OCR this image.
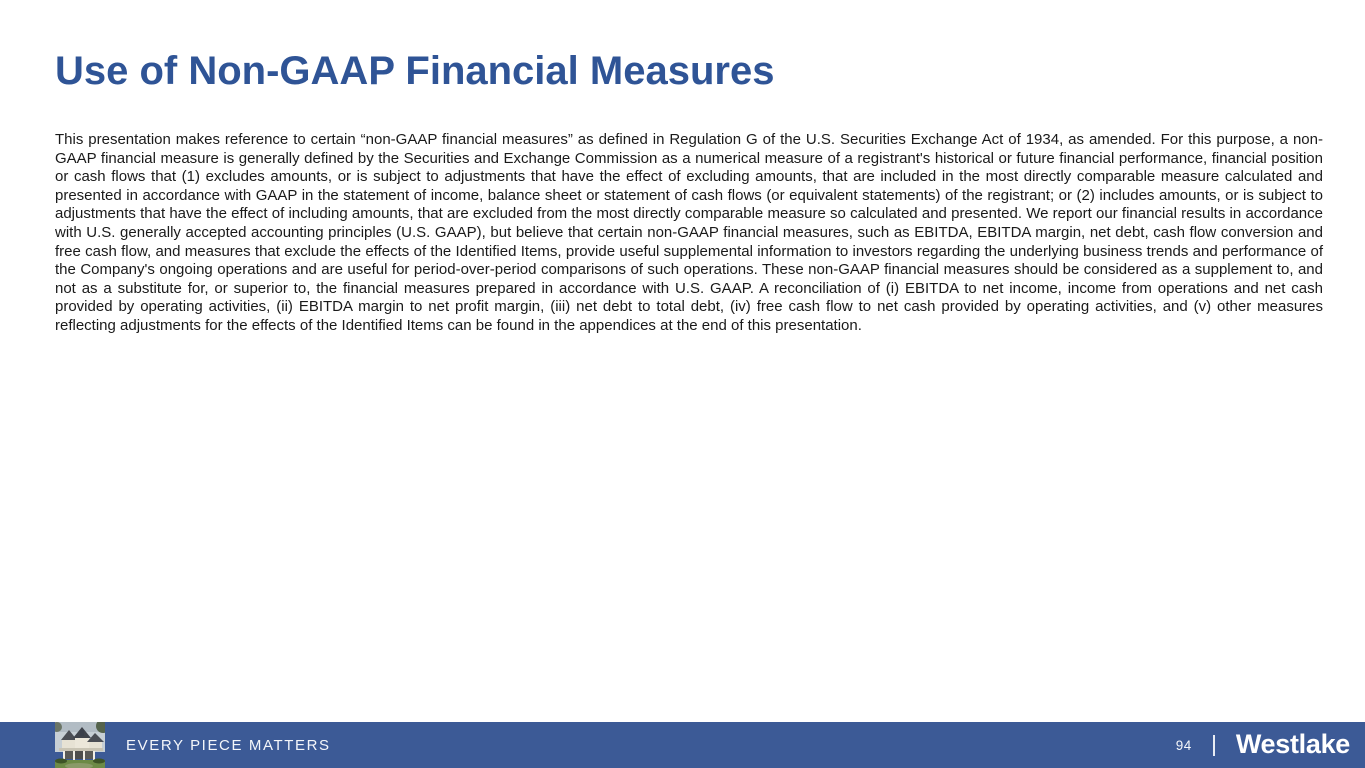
Use of Non-GAAP Financial Measures

This presentation makes reference to certain “non-GAAP financial measures” as defined in Regulation G of the U.S. Securities Exchange Act of 1934, as amended. For this purpose, a non-GAAP financial measure is generally defined by the Securities and Exchange Commission as a numerical measure of a registrant's historical or future financial performance, financial position or cash flows that (1) excludes amounts, or is subject to adjustments that have the effect of excluding amounts, that are included in the most directly comparable measure calculated and presented in accordance with GAAP in the statement of income, balance sheet or statement of cash flows (or equivalent statements) of the registrant; or (2) includes amounts, or is subject to adjustments that have the effect of including amounts, that are excluded from the most directly comparable measure so calculated and presented. We report our financial results in accordance with U.S. generally accepted accounting principles (U.S. GAAP), but believe that certain non-GAAP financial measures, such as EBITDA, EBITDA margin, net debt, cash flow conversion and free cash flow, and measures that exclude the effects of the Identified Items, provide useful supplemental information to investors regarding the underlying business trends and performance of the Company's ongoing operations and are useful for period-over-period comparisons of such operations. These non-GAAP financial measures should be considered as a supplement to, and not as a substitute for, or superior to, the financial measures prepared in accordance with U.S. GAAP. A reconciliation of (i) EBITDA to net income, income from operations and net cash provided by operating activities, (ii) EBITDA margin to net profit margin, (iii) net debt to total debt, (iv) free cash flow to net cash provided by operating activities, and (v) other measures reflecting adjustments for the effects of the Identified Items can be found in the appendices at the end of this presentation.

EVERY PIECE MATTERS	94 Westlake
